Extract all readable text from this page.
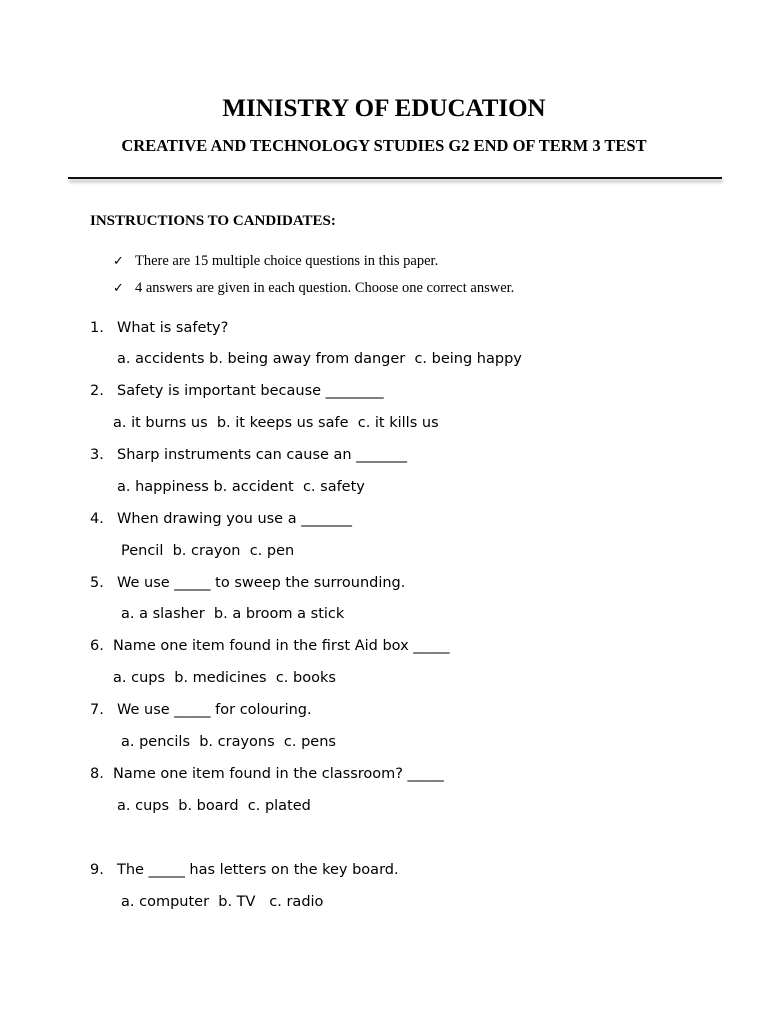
MINISTRY OF EDUCATION
CREATIVE AND TECHNOLOGY STUDIES G2 END OF TERM 3 TEST
INSTRUCTIONS TO CANDIDATES:
✓ There are 15 multiple choice questions in this paper.
✓ 4 answers are given in each question. Choose one correct answer.
1. What is safety?
a. accidents b. being away from danger  c. being happy
2. Safety is important because ________
a. it burns us  b. it keeps us safe  c. it kills us
3. Sharp instruments can cause an _______
a. happiness b. accident  c. safety
4. When drawing you use a _______
Pencil  b. crayon  c. pen
5. We use _____ to sweep the surrounding.
a. a slasher  b. a broom a stick
6. Name one item found in the first Aid box _____
a. cups  b. medicines  c. books
7. We use _____ for colouring.
a. pencils  b. crayons  c. pens
8. Name one item found in the classroom? _____
a. cups  b. board  c. plated
9. The _____ has letters on the key board.
a. computer  b. TV   c. radio
